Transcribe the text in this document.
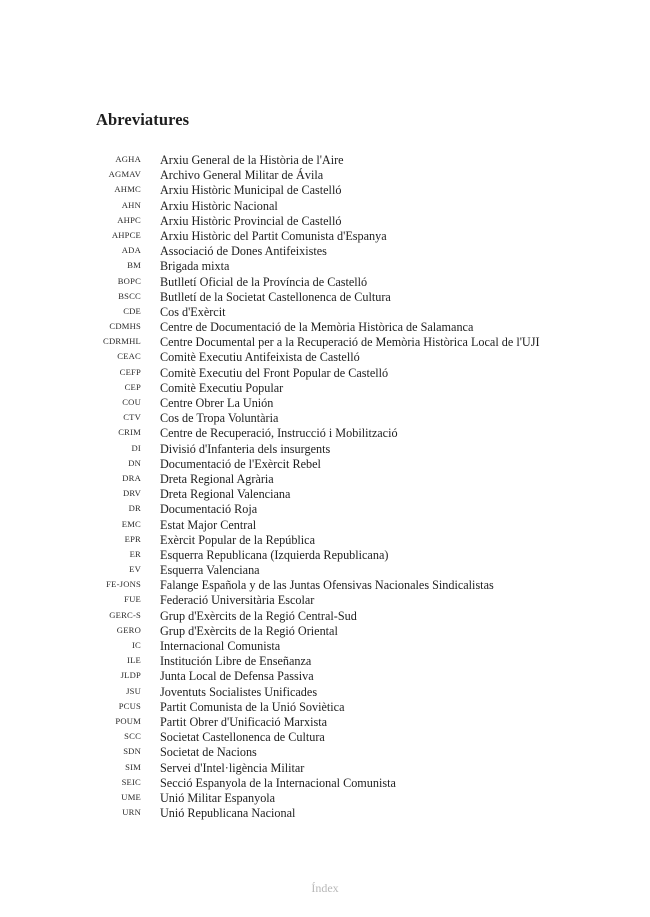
Abreviatures
AGHA Arxiu General de la Història de l'Aire
AGMAV Archivo General Militar de Ávila
AHMC Arxiu Històric Municipal de Castelló
AHN Arxiu Històric Nacional
AHPC Arxiu Històric Provincial de Castelló
AHPCE Arxiu Històric del Partit Comunista d'Espanya
ADA Associació de Dones Antifeixistes
BM Brigada mixta
BOPC Butlletí Oficial de la Província de Castelló
BSCC Butlletí de la Societat Castellonenca de Cultura
CDE Cos d'Exèrcit
CDMHS Centre de Documentació de la Memòria Històrica de Salamanca
CDRMHL Centre Documental per a la Recuperació de Memòria Històrica Local de l'UJI
CEAC Comitè Executiu Antifeixista de Castelló
CEFP Comitè Executiu del Front Popular de Castelló
CEP Comitè Executiu Popular
COU Centre Obrer La Unión
CTV Cos de Tropa Voluntària
CRIM Centre de Recuperació, Instrucció i Mobilització
DI Divisió d'Infanteria dels insurgents
DN Documentació de l'Exèrcit Rebel
DRA Dreta Regional Agrària
DRV Dreta Regional Valenciana
DR Documentació Roja
EMC Estat Major Central
EPR Exèrcit Popular de la República
ER Esquerra Republicana (Izquierda Republicana)
EV Esquerra Valenciana
FE-JONS Falange Española y de las Juntas Ofensivas Nacionales Sindicalistas
FUE Federació Universitària Escolar
GERC-S Grup d'Exèrcits de la Regió Central-Sud
GERO Grup d'Exèrcits de la Regió Oriental
IC Internacional Comunista
ILE Institución Libre de Enseñanza
JLDP Junta Local de Defensa Passiva
JSU Joventuts Socialistes Unificades
PCUS Partit Comunista de la Unió Soviètica
POUM Partit Obrer d'Unificació Marxista
SCC Societat Castellonenca de Cultura
SDN Societat de Nacions
SIM Servei d'Intel·ligència Militar
SEIC Secció Espanyola de la Internacional Comunista
UME Unió Militar Espanyola
URN Unió Republicana Nacional
Índex
